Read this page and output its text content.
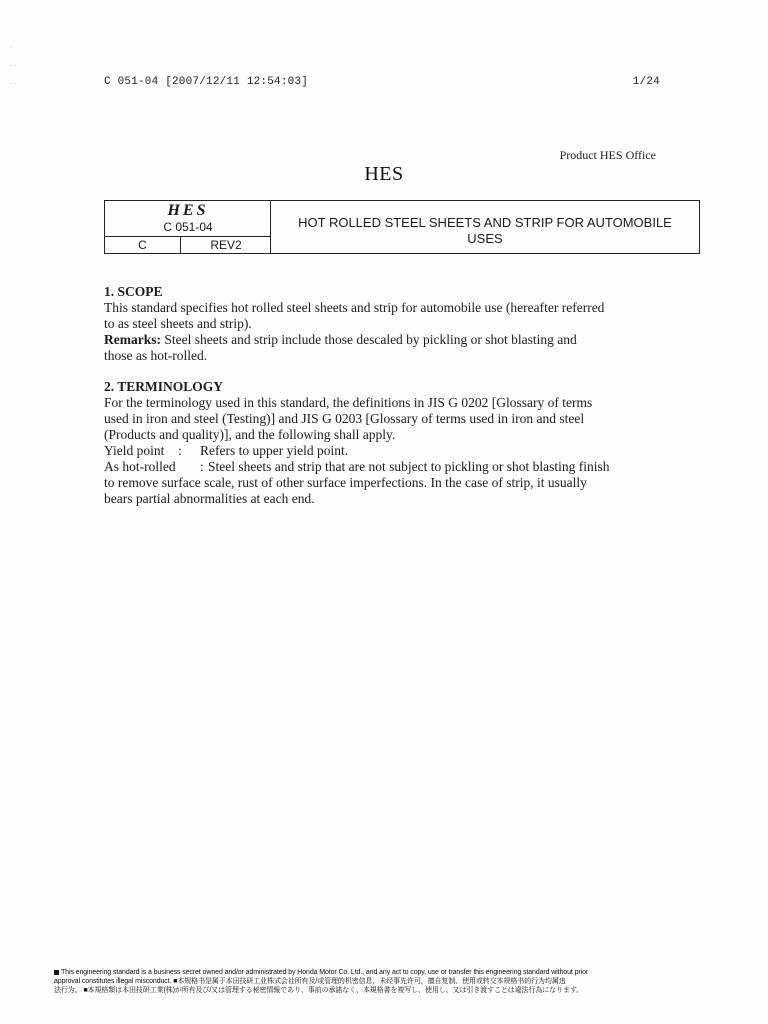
·
· ·
· ·	C 051-04 [2007/12/11 12:54:03]	1/24
Product HES Office
HES
HES
C 051-04
C	REV2
HOT ROLLED STEEL SHEETS AND STRIP FOR AUTOMOBILE
USES

1. SCOPE

This standard specifies hot rolled steel sheets and strip for automobile use (hereafter referred

to as steel sheets and strip).

Remarks: Steel sheets and strip include those descaled by pickling or shot blasting and

those as hot-rolled.

2. TERMINOLOGY

For the terminology used in this standard, the definitions in JIS G 0202 [Glossary of terms

used in iron and steel (Testing)] and JIS G 0203 [Glossary of terms used in iron and steel

(Products and quality)], and the following shall apply.

Yield point : Refers to upper yield point.
As hot-rolled : Steel sheets and strip that are not subject to pickling or shot blasting finish

to remove surface scale, rust of other surface imperfections. In the case of strip, it usually

bears partial abnormalities at each end.

This engineering standard is a business secret owned and/or administrated by Honda Motor Co. Ltd., and any act to copy, use or transfer this engineering standard without prior
approval constitutes illegal misconduct. ■本规格书是属于本田技研工业株式会社所有及/或管理的机密信息，未经事先许可，擅自复制、使用或转交本规格书的行为均属违
法行为。 ■本規格類は本田技研工業(株)が所有及び/又は管理する秘密情報であり、事前の承諾なく、本規格書を複写し、使用し、又は引き渡すことは違法行為になります。
